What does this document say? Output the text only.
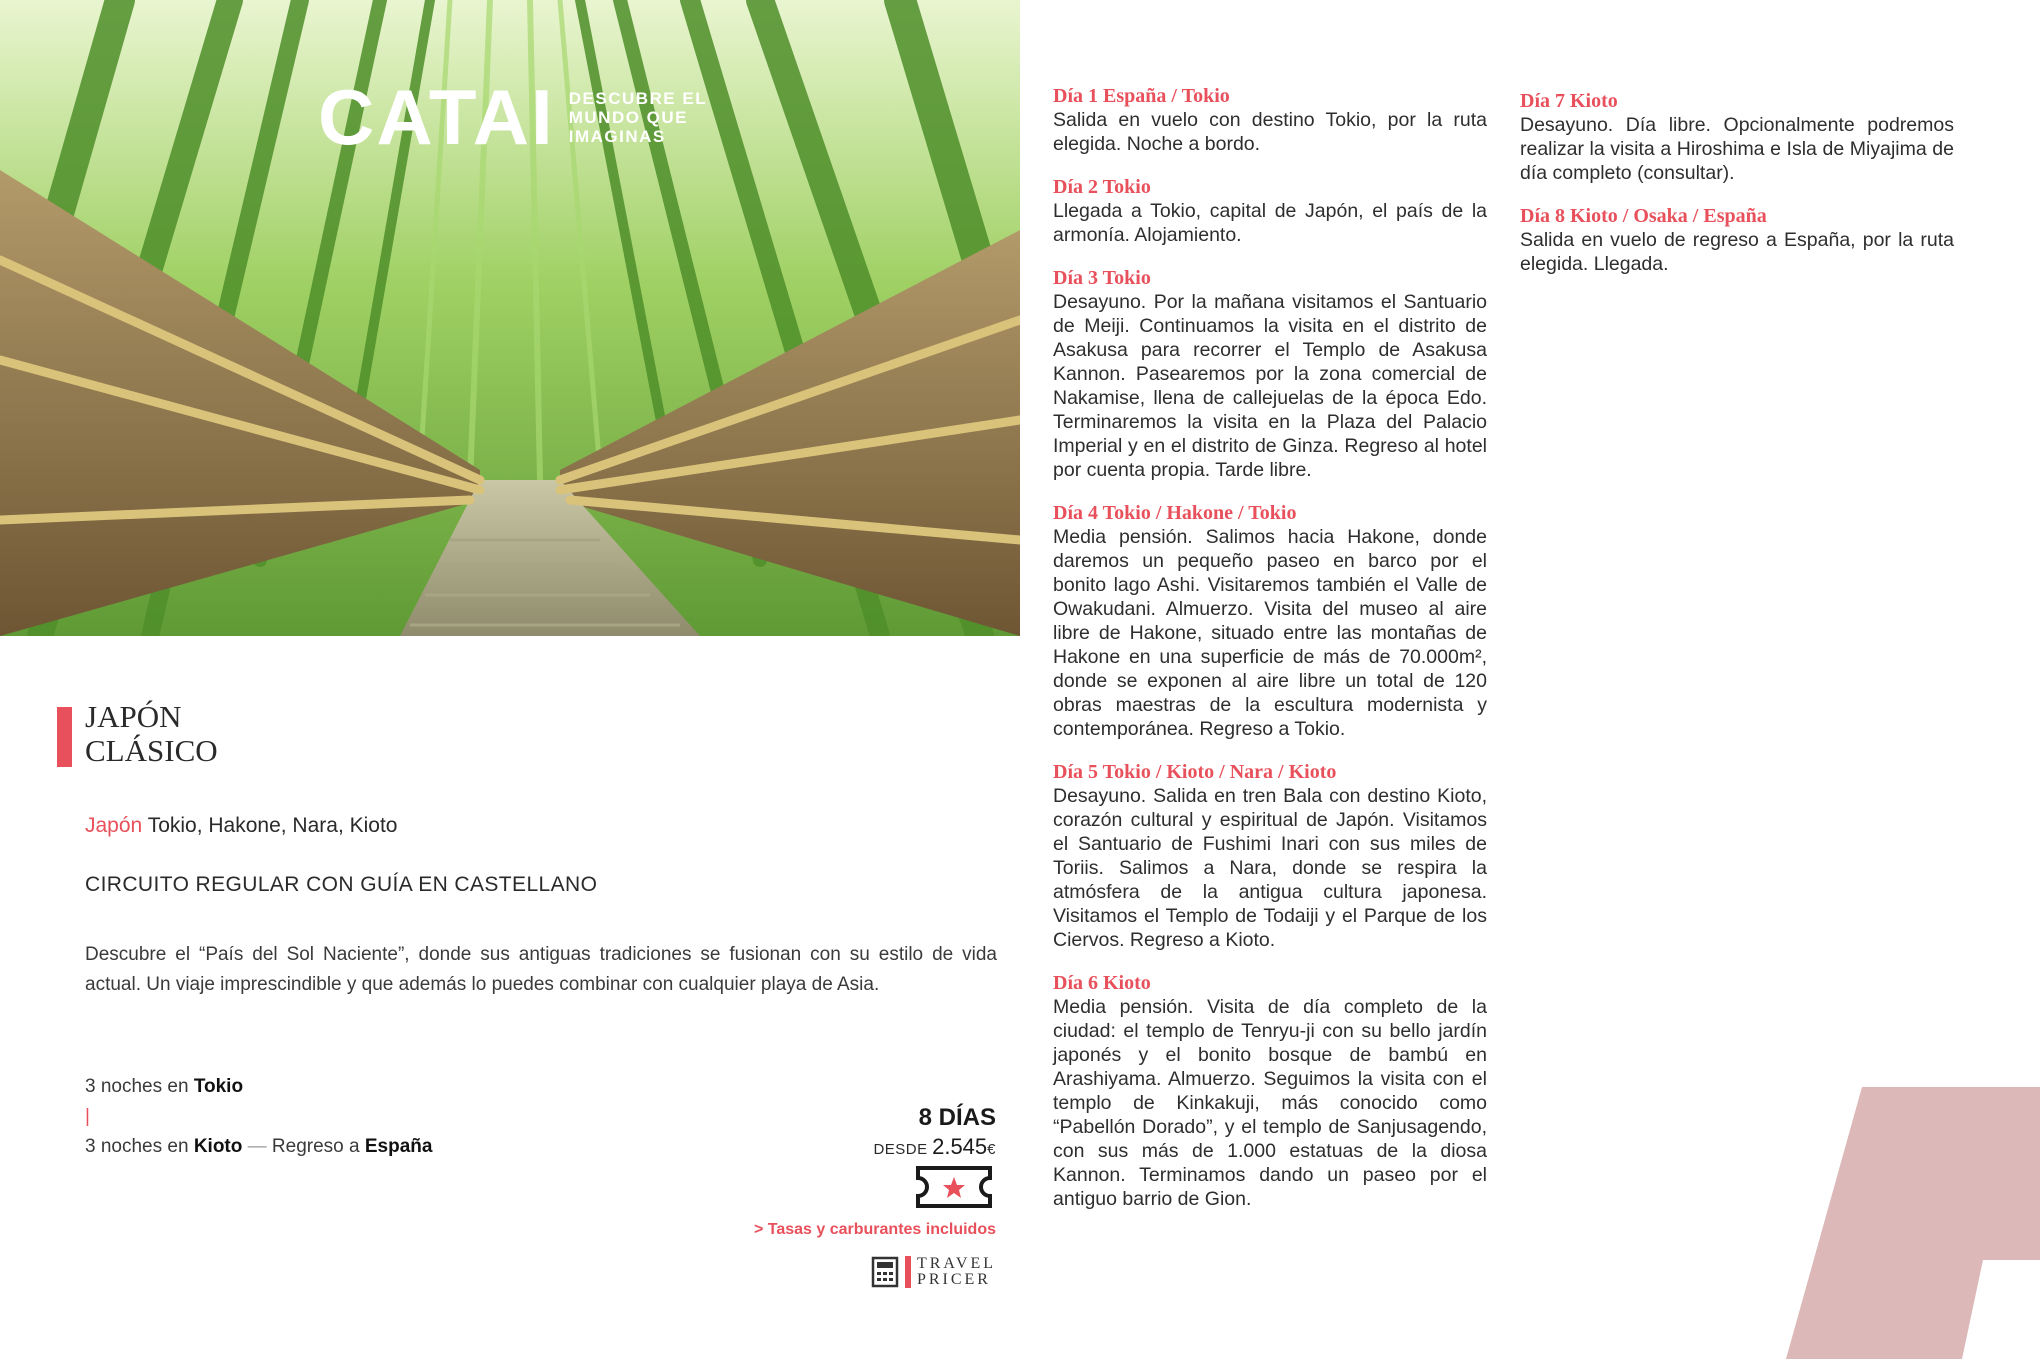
CATAI DESCUBRE EL MUNDO QUE IMAGINAS
JAPÓN
CLÁSICO
Japón Tokio, Hakone, Nara, Kioto
CIRCUITO REGULAR CON GUÍA EN CASTELLANO

Descubre el “País del Sol Naciente”, donde sus antiguas tradiciones se fusionan con su estilo de vida actual. Un viaje imprescindible y que además lo puedes combinar con cualquier playa de Asia.

3 noches en Tokio
|
3 noches en Kioto — Regreso a España
8 DÍAS
DESDE 2.545€
> Tasas y carburantes incluidos
TRAVEL
PRICER

Día 1 España / Tokio

Salida en vuelo con destino Tokio, por la ruta elegida. Noche a bordo.

Día 2 Tokio

Llegada a Tokio, capital de Japón, el país de la armonía. Alojamiento.

Día 3 Tokio

Desayuno. Por la mañana visitamos el Santuario de Meiji. Continuamos la visita en el distrito de Asakusa para recorrer el Templo de Asakusa Kannon. Pasearemos por la zona comercial de Nakamise, llena de callejuelas de la época Edo. Terminaremos la visita en la Plaza del Palacio Imperial y en el distrito de Ginza. Regreso al hotel por cuenta propia. Tarde libre.

Día 4 Tokio / Hakone / Tokio

Media pensión. Salimos hacia Hakone, donde daremos un pequeño paseo en barco por el bonito lago Ashi. Visitaremos también el Valle de Owakudani. Almuerzo. Visita del museo al aire libre de Hakone, situado entre las montañas de Hakone en una superficie de más de 70.000m², donde se exponen al aire libre un total de 120 obras maestras de la escultura modernista y contemporánea. Regreso a Tokio.

Día 5 Tokio / Kioto / Nara / Kioto

Desayuno. Salida en tren Bala con destino Kioto, corazón cultural y espiritual de Japón. Visitamos el Santuario de Fushimi Inari con sus miles de Toriis. Salimos a Nara, donde se respira la atmósfera de la antigua cultura japonesa. Visitamos el Templo de Todaiji y el Parque de los Ciervos. Regreso a Kioto.

Día 6 Kioto

Media pensión. Visita de día completo de la ciudad: el templo de Tenryu-ji con su bello jardín japonés y el bonito bosque de bambú en Arashiyama. Almuerzo. Seguimos la visita con el templo de Kinkakuji, más conocido como “Pabellón Dorado”, y el templo de Sanjusagendo, con sus más de 1.000 estatuas de la diosa Kannon. Terminamos dando un paseo por el antiguo barrio de Gion.

Día 7 Kioto

Desayuno. Día libre. Opcionalmente podremos realizar la visita a Hiroshima e Isla de Miyajima de día completo (consultar).

Día 8 Kioto / Osaka / España

Salida en vuelo de regreso a España, por la ruta elegida. Llegada.
